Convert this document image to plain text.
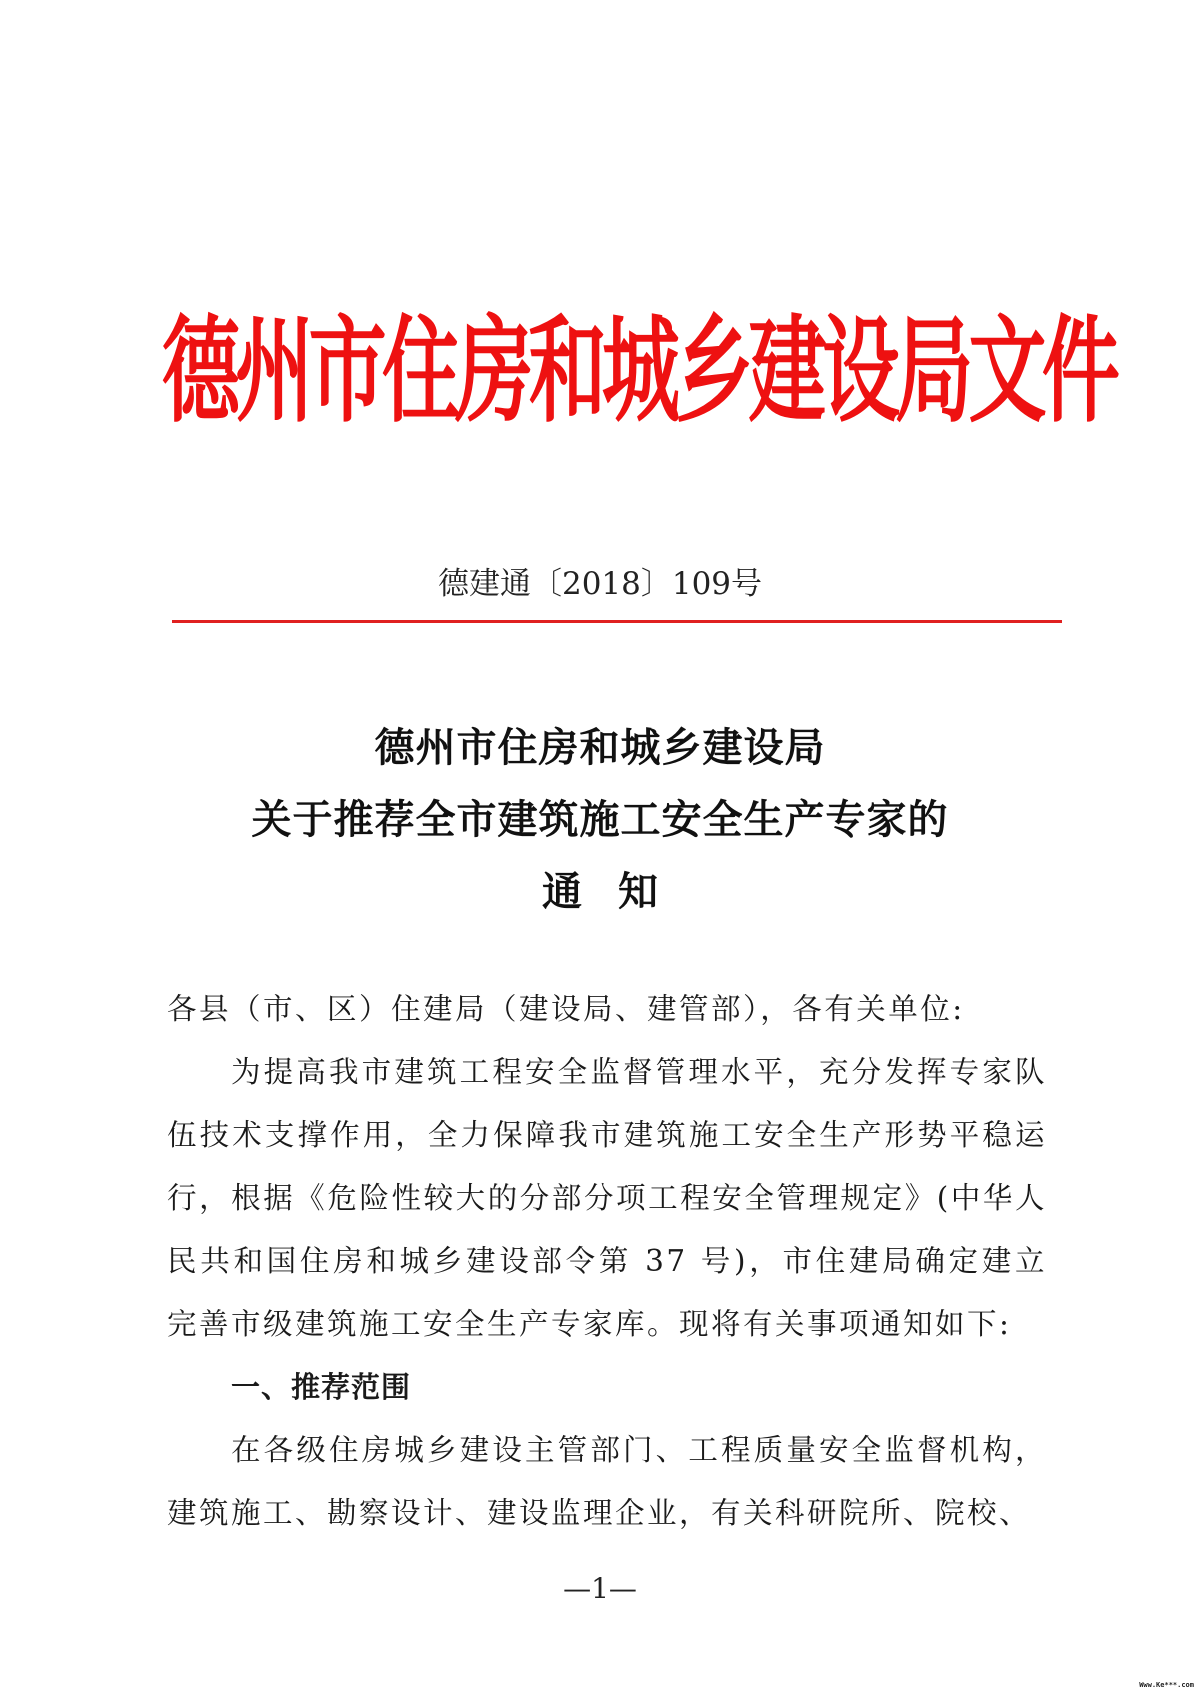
德州市住房和城乡建设局文件
德建通〔2018〕109号
德州市住房和城乡建设局
关于推荐全市建筑施工安全生产专家的
通知

各县（市、区）住建局（建设局、建管部），各有关单位:

为提高我市建筑工程安全监督管理水平，充分发挥专家队伍技术支撑作用，全力保障我市建筑施工安全生产形势平稳运行，根据《危险性较大的分部分项工程安全管理规定》(中华人民共和国住房和城乡建设部令第 37 号)，市住建局确定建立完善市级建筑施工安全生产专家库。现将有关事项通知如下:

一、推荐范围

在各级住房城乡建设主管部门、工程质量安全监督机构，建筑施工、勘察设计、建设监理企业，有关科研院所、院校、

—1—
Www.Ke***.com
